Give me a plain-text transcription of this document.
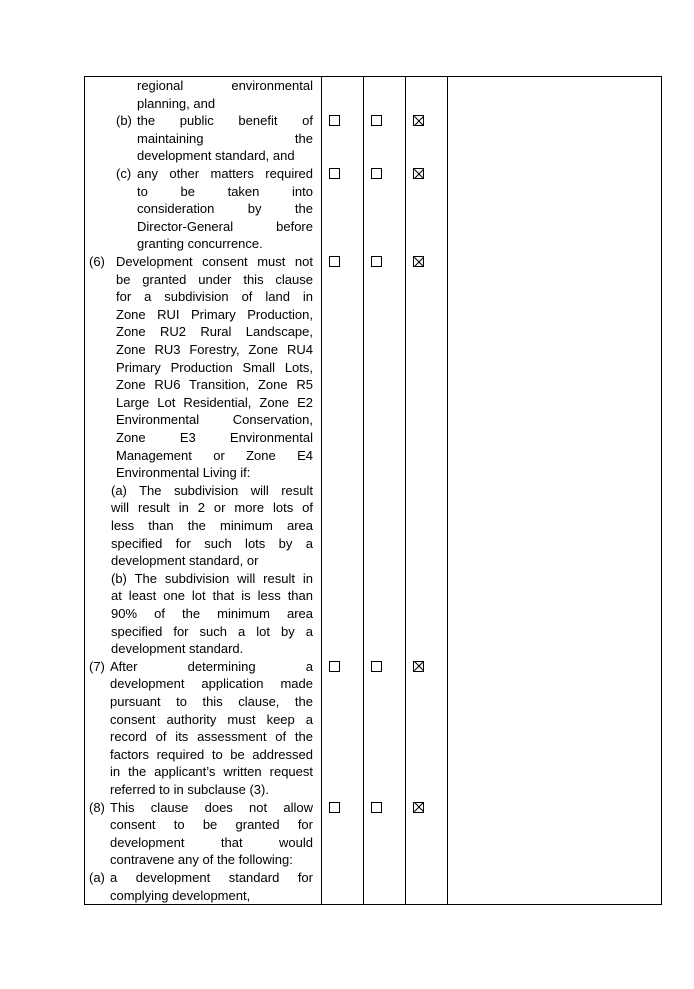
regional environmental
planning, and
(b) the public benefit of
maintaining the
development standard, and
(c) any other matters required
to be taken into
consideration by the
Director-General before
granting concurrence.
(6) Development consent must not
be granted under this clause
for a subdivision of land in
Zone RUI Primary Production,
Zone RU2 Rural Landscape,
Zone RU3 Forestry, Zone RU4
Primary Production Small Lots,
Zone RU6 Transition, Zone R5
Large Lot Residential, Zone E2
Environmental Conservation,
Zone E3 Environmental
Management or Zone E4
Environmental Living if:
(a) The subdivision will result
will result in 2 or more lots of
less than the minimum area
specified for such lots by a
development standard, or
(b) The subdivision will result in
at least one lot that is less than
90% of the minimum area
specified for such a lot by a
development standard.
(7) After determining a
development application made
pursuant to this clause, the
consent authority must keep a
record of its assessment of the
factors required to be addressed
in the applicant’s written request
referred to in subclause (3).
(8) This clause does not allow
consent to be granted for
development that would
contravene any of the following:
(a) a development standard for
complying development,
